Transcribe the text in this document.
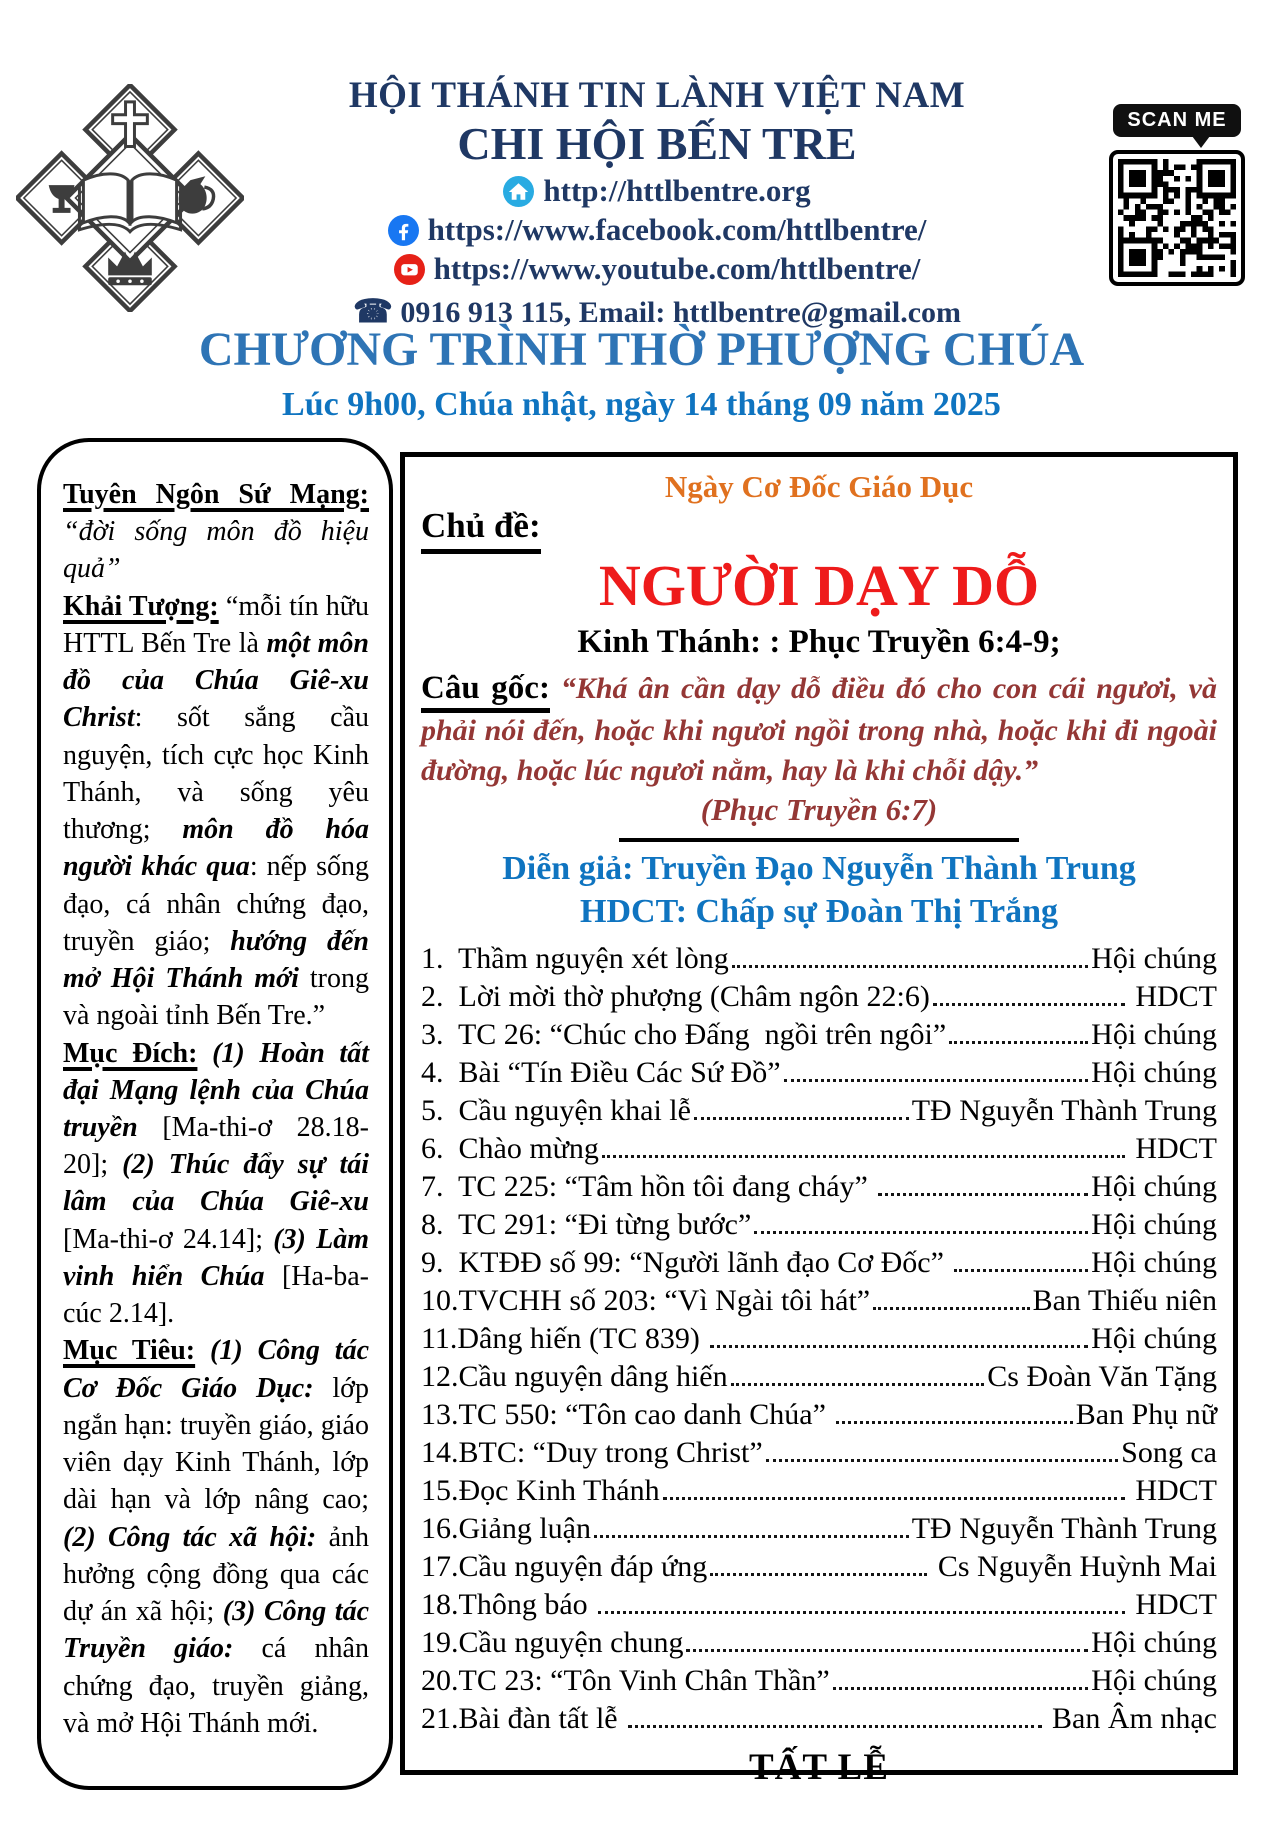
HỘI THÁNH TIN LÀNH VIỆT NAM
CHI HỘI BẾN TRE
http://httlbentre.org
https://www.facebook.com/httlbentre/
https://www.youtube.com/httlbentre/
☎ 0916 913 115, Email: httlbentre@gmail.com
SCAN ME
CHƯƠNG TRÌNH THỜ PHƯỢNG CHÚA
Lúc 9h00, Chúa nhật, ngày 14 tháng 09 năm 2025
Tuyên Ngôn Sứ Mạng:
“đời sống môn đồ hiệu quả”
Khải Tượng: “mỗi tín hữu HTTL Bến Tre là một môn đồ của Chúa Giê-xu Christ: sốt sắng cầu nguyện, tích cực học Kinh Thánh, và sống yêu thương; môn đồ hóa người khác qua: nếp sống đạo, cá nhân chứng đạo, truyền giáo; hướng đến mở Hội Thánh mới trong và ngoài tỉnh Bến Tre.”
Mục Đích: (1) Hoàn tất đại Mạng lệnh của Chúa truyền [Ma-thi-ơ 28.18-20]; (2) Thúc đẩy sự tái lâm của Chúa Giê-xu [Ma-thi-ơ 24.14]; (3) Làm vinh hiển Chúa [Ha-ba-cúc 2.14].
Mục Tiêu: (1) Công tác Cơ Đốc Giáo Dục: lớp ngắn hạn: truyền giáo, giáo viên dạy Kinh Thánh, lớp dài hạn và lớp nâng cao; (2) Công tác xã hội: ảnh hưởng cộng đồng qua các dự án xã hội; (3) Công tác Truyền giáo: cá nhân chứng đạo, truyền giảng, và mở Hội Thánh mới.
Ngày Cơ Đốc Giáo Dục
Chủ đề:
NGƯỜI DẠY DỖ
Kinh Thánh: : Phục Truyền 6:4-9;
Câu gốc: “Khá ân cần dạy dỗ điều đó cho con cái ngươi, và phải nói đến, hoặc khi ngươi ngồi trong nhà, hoặc khi đi ngoài đường, hoặc lúc ngươi nằm, hay là khi chỗi dậy.”
(Phục Truyền 6:7)
Diễn giả: Truyền Đạo Nguyễn Thành Trung
HDCT: Chấp sự Đoàn Thị Trắng
1.  Thầm nguyện xét lòng	Hội chúng
2.  Lời mời thờ phượng (Châm ngôn 22:6)	HDCT
3.  TC 26: “Chúc cho Đấng  ngồi trên ngôi”	Hội chúng
4.  Bài “Tín Điều Các Sứ Đồ”	Hội chúng
5.  Cầu nguyện khai lễ	TĐ Nguyễn Thành Trung
6.  Chào mừng	HDCT
7.  TC 225: “Tâm hồn tôi đang cháy”	Hội chúng
8.  TC 291: “Đi từng bước”	Hội chúng
9.  KTĐĐ số 99: “Người lãnh đạo Cơ Đốc”	Hội chúng
10.TVCHH số 203: “Vì Ngài tôi hát”	Ban Thiếu niên
11.Dâng hiến (TC 839)	Hội chúng
12.Cầu nguyện dâng hiến	Cs Đoàn Văn Tặng
13.TC 550: “Tôn cao danh Chúa”	Ban Phụ nữ
14.BTC: “Duy trong Christ”	Song ca
15.Đọc Kinh Thánh	HDCT
16.Giảng luận	TĐ Nguyễn Thành Trung
17.Cầu nguyện đáp ứng	Cs Nguyễn Huỳnh Mai
18.Thông báo	HDCT
19.Cầu nguyện chung	Hội chúng
20.TC 23: “Tôn Vinh Chân Thần”	Hội chúng
21.Bài đàn tất lễ	Ban Âm nhạc
TẤT LỄ
